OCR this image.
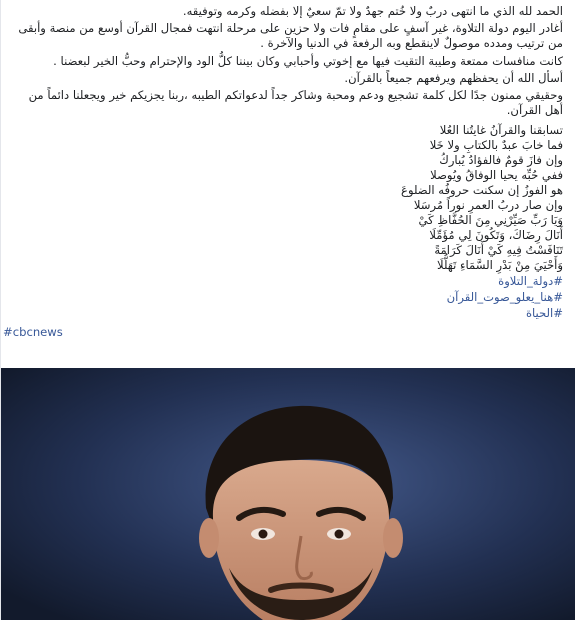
الحمد لله الذي ما انتهى دربٌ ولا خُتم جهدٌ ولا تمّ سعيٌ إلا بفضله وكرمه وتوفيقه.

أغادر اليوم دولة التلاوة، غير آسفٍ على مقامٍ فات ولا حزين على مرحلة انتهت فمجال القرآن أوسع من منصة وأبقى من ترتيب ومدده موصولٌ لاينقطع وبه الرفعة في الدنيا والآخرة .

كانت منافسات ممتعة وطيبة التقيت فيها مع إخوتي وأحبابي وكان بيننا كلُّ الود والإحترام وحبُّ الخير لبعضنا .

أسأل الله أن يحفظهم ويرفعهم جميعاً بالقرآن.

وحقيقي ممنون جدًا لكل كلمة تشجيع ودعم ومحبة وشاكر جداً لدعواتكم الطيبه ،ربنا يجزيكم خير ويجعلنا دائماً من أهل القرآن.

تسابقنا والقرآنُ غايتُنا العُلا

فما خابَ عبدٌ بالكتابِ ولا خَلا

وإن فازَ قومٌ فالفؤادُ يُباركُ

ففي حُبِّه يحيا الوفاقُ ويُوصلا

هو الفوزُ إن سكنت حروفُه الضلوعَ

وإن صار دربُ العمرِ نوراً مُرسَلا

وَيَا رَبِّ صَيِّرْنِي مِنَ الحُفَّاظِ كَيْ

أَنَالَ رِضَاكَ، وَتَكُونَ لِي مُؤَمِّلَا

تَنَافَسْتُ فِيهِ كَيْ أَنَالَ كَرَامَةً

وَأَحْيَيَ مِنْ بَدْرِ السَّمَاءِ تَهَلُّلَا

#دولة_التلاوة
#هنا_يعلو_صوت_القرآن
#الحياة
#cbcnews
